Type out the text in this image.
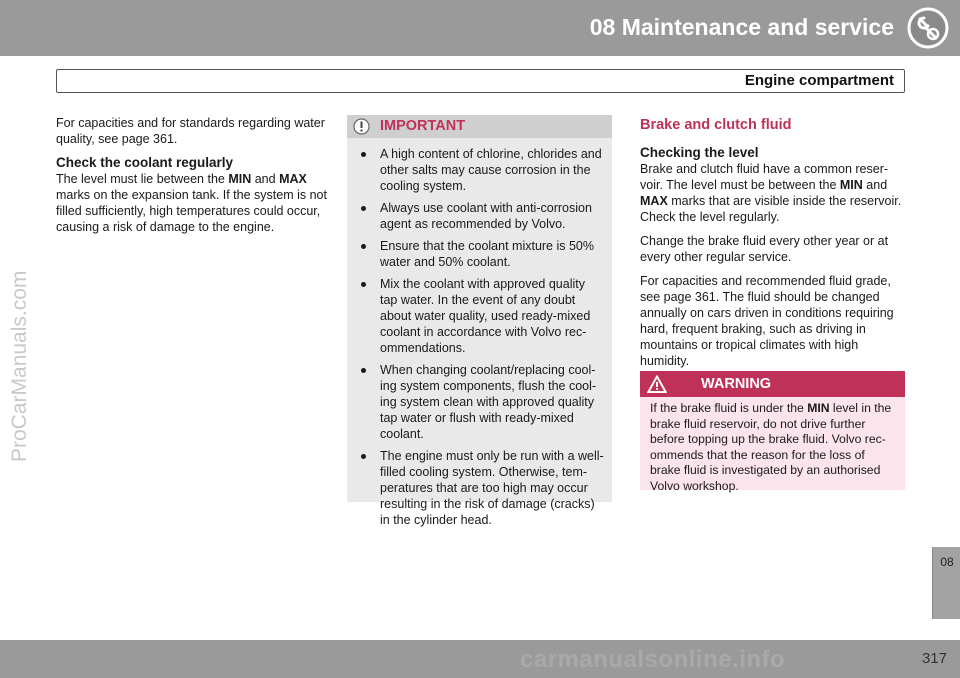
08 Maintenance and service
Engine compartment
ProCarManuals.com

For capacities and for standards regarding water quality, see page 361.

Check the coolant regularly

The level must lie between the MIN and MAX marks on the expansion tank. If the system is not filled sufficiently, high temperatures could occur, causing a risk of damage to the engine.

IMPORTANT
A high content of chlorine, chlorides and other salts may cause corrosion in the cooling system.
Always use coolant with anti-corrosion agent as recommended by Volvo.
Ensure that the coolant mixture is 50% water and 50% coolant.
Mix the coolant with approved quality tap water. In the event of any doubt about water quality, used ready-mixed coolant in accordance with Volvo rec-ommendations.
When changing coolant/replacing cool-ing system components, flush the cool-ing system clean with approved quality tap water or flush with ready-mixed coolant.
The engine must only be run with a well-filled cooling system. Otherwise, tem-peratures that are too high may occur resulting in the risk of damage (cracks) in the cylinder head.
Brake and clutch fluid
Checking the level

Brake and clutch fluid have a common reser-voir. The level must be between the MIN and MAX marks that are visible inside the reservoir. Check the level regularly.

Change the brake fluid every other year or at every other regular service.

For capacities and recommended fluid grade, see page 361. The fluid should be changed annually on cars driven in conditions requiring hard, frequent braking, such as driving in mountains or tropical climates with high humidity.

WARNING
If the brake fluid is under the MIN level in the brake fluid reservoir, do not drive further before topping up the brake fluid. Volvo rec-ommends that the reason for the loss of brake fluid is investigated by an authorised Volvo workshop.
08
317
carmanualsonline.info
